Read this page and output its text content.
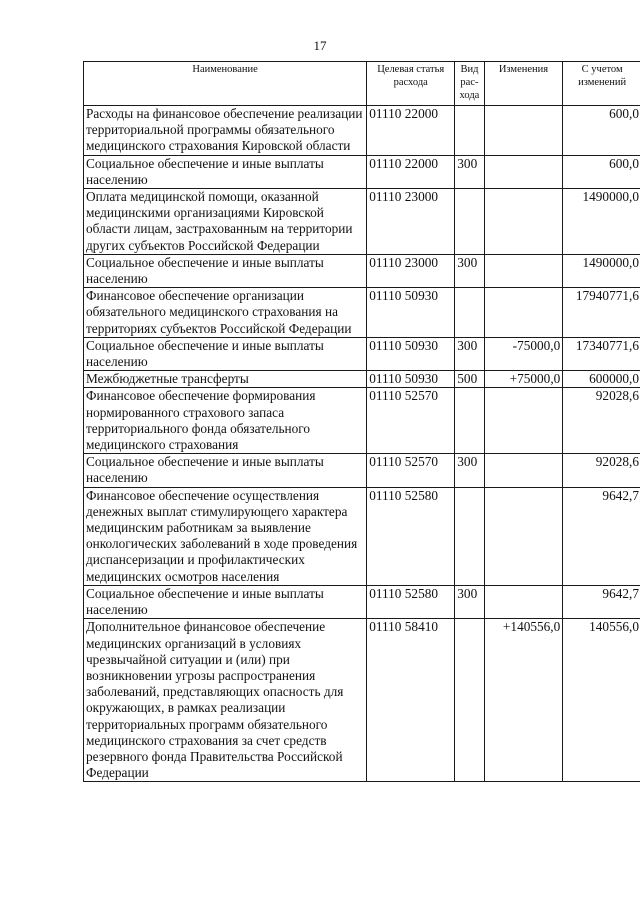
17
Наименование	Целевая статья расхода	Вид рас-хода	Изменения	С учетом изменений
Расходы на финансовое обеспечение реализации территориальной программы обязательного медицинского страхования Кировской области	01110 22000			600,0
Социальное обеспечение и иные выплаты населению	01110 22000	300		600,0
Оплата медицинской помощи, оказанной медицинскими организациями Кировской области лицам, застрахованным на территории других субъектов Российской Федерации	01110 23000			1490000,0
Социальное обеспечение и иные выплаты населению	01110 23000	300		1490000,0
Финансовое обеспечение организации обязательного медицинского страхования на территориях субъектов Российской Федерации	01110 50930			17940771,6
Социальное обеспечение и иные выплаты населению	01110 50930	300	-75000,0	17340771,6
Межбюджетные трансферты	01110 50930	500	+75000,0	600000,0
Финансовое обеспечение формирования нормированного страхового запаса территориального фонда обязательного медицинского страхования	01110 52570			92028,6
Социальное обеспечение и иные выплаты населению	01110 52570	300		92028,6
Финансовое обеспечение осуществления денежных выплат стимулирующего характера медицинским работникам за выявление онкологических заболеваний в ходе проведения диспансеризации и профилактических медицинских осмотров населения	01110 52580			9642,7
Социальное обеспечение и иные выплаты населению	01110 52580	300		9642,7
Дополнительное финансовое обеспечение медицинских организаций в условиях чрезвычайной ситуации и (или) при возникновении угрозы распространения заболеваний, представляющих опасность для окружающих, в рамках реализации территориальных программ обязательного медицинского страхования за счет средств резервного фонда Правительства Российской Федерации	01110 58410		+140556,0	140556,0
